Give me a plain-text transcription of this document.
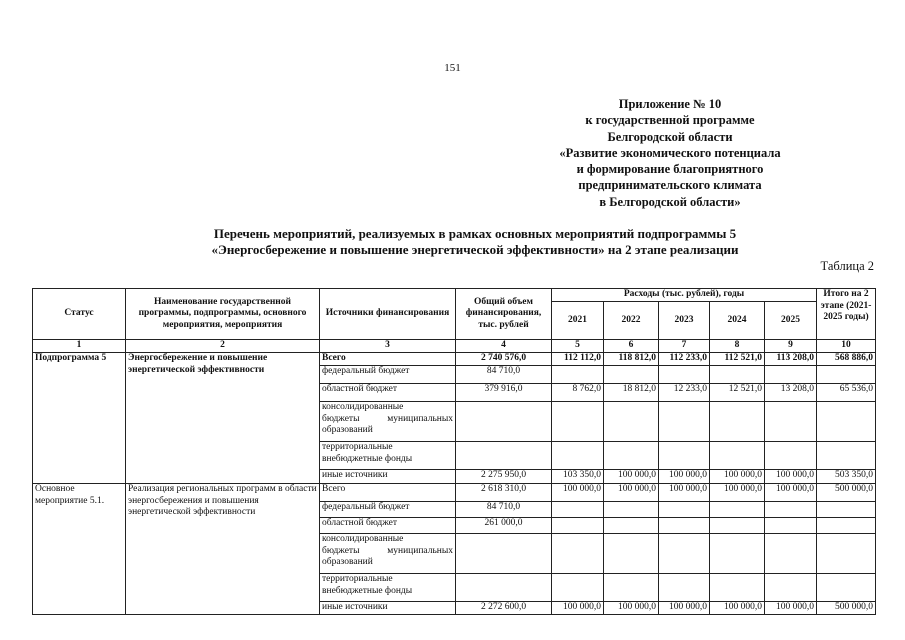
151
Приложение № 10
к государственной программе
Белгородской области
«Развитие экономического потенциала
и формирование благоприятного
предпринимательского климата
в Белгородской области»
Перечень мероприятий, реализуемых в рамках основных мероприятий подпрограммы 5
«Энергосбережение и повышение энергетической эффективности» на 2 этапе реализации
Таблица 2
Статус	Наименование государственной программы, подпрограммы, основного мероприятия, мероприятия	Источники финансирования	Общий объем финансирования, тыс. рублей	Расходы (тыс. рублей), годы					Итого на 2
этапе (2021-2025 годы)

				2021	2022	2023	2024	2025	
1	2	3	4	5	6	7	8	9	10
Подпрограмма 5	Энергосбережение и повышение энергетической эффективности	Всего	2 740 576,0	112 112,0	118 812,0	112 233,0	112 521,0	113 208,0	568 886,0
		федеральный бюджет	84 710,0						
		областной бюджет	379 916,0	8 762,0	18 812,0	12 233,0	12 521,0	13 208,0	65 536,0

		консолидированные
бюджеты муниципальных
образований							

		территориальные
внебюджетные фонды							

		иные источники	2 275 950,0	103 350,0	100 000,0	100 000,0	100 000,0	100 000,0	503 350,0

Основное
мероприятие 5.1.	Реализация региональных программ в области энергосбережения и повышения энергетической эффективности	Всего	2 618 310,0	100 000,0	100 000,0	100 000,0	100 000,0	100 000,0	500 000,0
		федеральный бюджет	84 710,0						
		областной бюджет	261 000,0						

		консолидированные
бюджеты муниципальных
образований							

		территориальные
внебюджетные фонды							

		иные источники	2 272 600,0	100 000,0	100 000,0	100 000,0	100 000,0	100 000,0	500 000,0
